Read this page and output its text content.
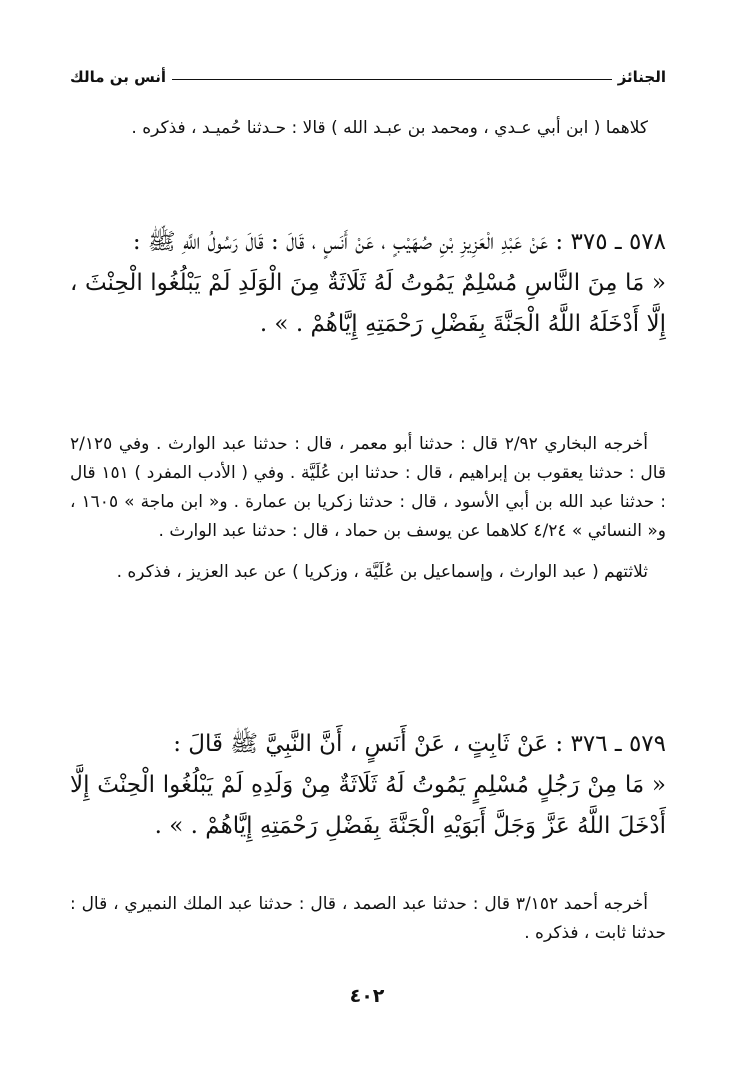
الجنائز
أنس بن مالك

كلاهما ( ابن أبي عـدي ، ومحمد بن عبـد الله ) قالا : حـدثنا حُميـد ، فذكره .

٥٧٨ ـ ٣٧٥ : عَنْ عَبْدِ الْعَزِيزِ بْنِ صُهَيْبٍ ، عَنْ أَنَسٍ ، قَالَ : قَالَ رَسُولُ اللَّهِ ﷺ :

« مَا مِنَ النَّاسِ مُسْلِمٌ يَمُوتُ لَهُ ثَلَاثَةٌ مِنَ الْوَلَدِ لَمْ يَبْلُغُوا الْحِنْثَ ، إِلَّا أَدْخَلَهُ اللَّهُ الْجَنَّةَ بِفَضْلِ رَحْمَتِهِ إِيَّاهُمْ . » .

أخرجه البخاري ٢/٩٢ قال : حدثنا أبو معمر ، قال : حدثنا عبد الوارث . وفي ٢/١٢٥ قال : حدثنا يعقوب بن إبراهيم ، قال : حدثنا ابن عُلَيَّة . وفي ( الأدب المفرد ) ١٥١ قال : حدثنا عبد الله بن أبي الأسود ، قال : حدثنا زكريا بن عمارة . و« ابن ماجة » ١٦٠٥ ، و« النسائي » ٤/٢٤ كلاهما عن يوسف بن حماد ، قال : حدثنا عبد الوارث .

ثلاثتهم ( عبد الوارث ، وإسماعيل بن عُلَيَّة ، وزكريا ) عن عبد العزيز ، فذكره .

٥٧٩ ـ ٣٧٦ : عَنْ ثَابِتٍ ، عَنْ أَنَسٍ ، أَنَّ النَّبِيَّ ﷺ قَالَ :

« مَا مِنْ رَجُلٍ مُسْلِمٍ يَمُوتُ لَهُ ثَلَاثَةٌ مِنْ وَلَدِهِ لَمْ يَبْلُغُوا الْحِنْثَ إِلَّا أَدْخَلَ اللَّهُ عَزَّ وَجَلَّ أَبَوَيْهِ الْجَنَّةَ بِفَضْلِ رَحْمَتِهِ إِيَّاهُمْ . » .

أخرجه أحمد ٣/١٥٢ قال : حدثنا عبد الصمد ، قال : حدثنا عبد الملك النميري ، قال : حدثنا ثابت ، فذكره .

٤٠٢
